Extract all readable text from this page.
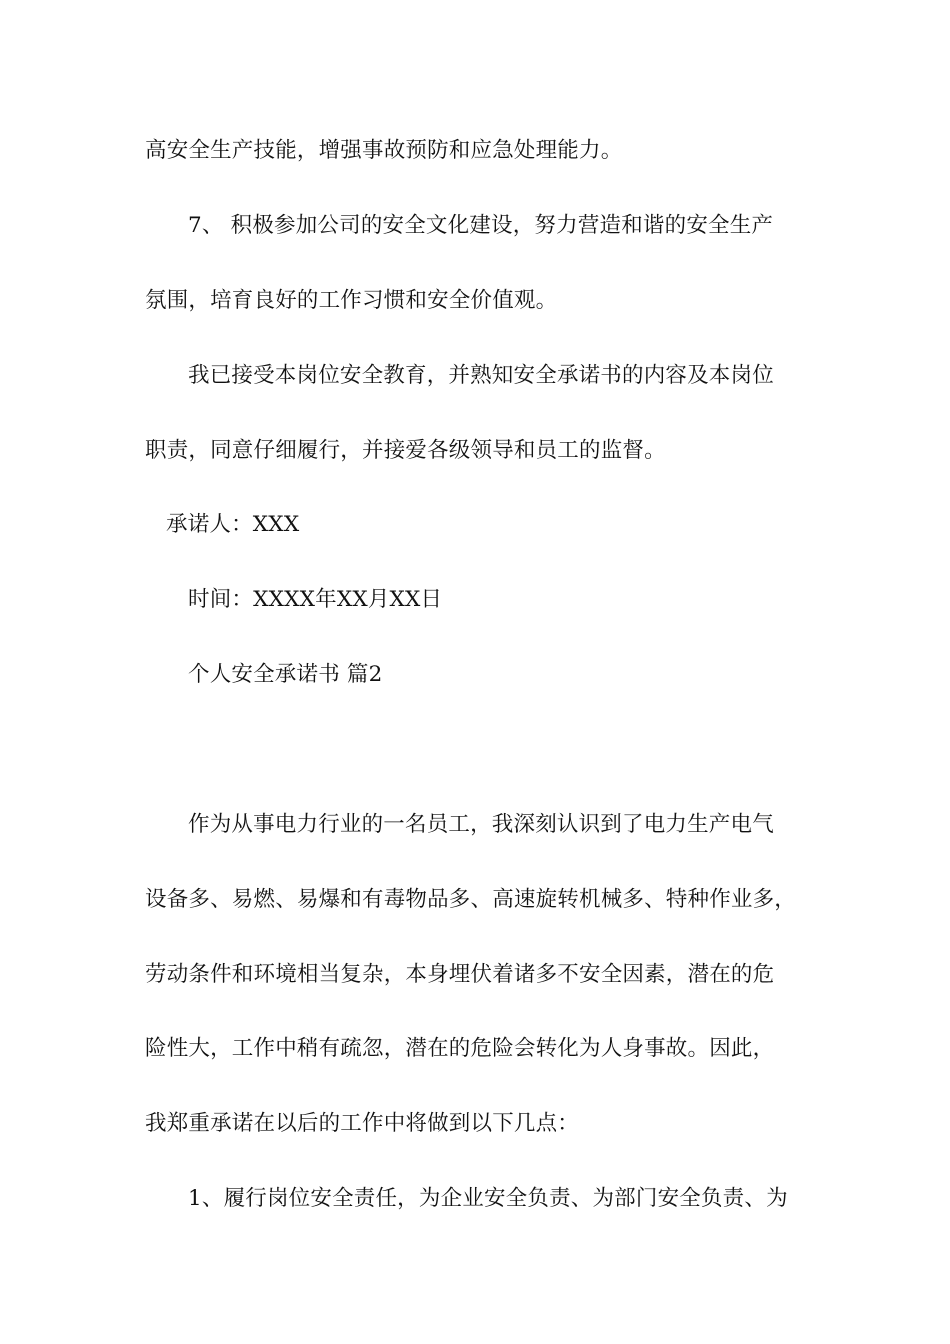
高安全生产技能，增强事故预防和应急处理能力。
7、 积极参加公司的安全文化建设，努力营造和谐的安全生产
氛围，培育良好的工作习惯和安全价值观。
我已接受本岗位安全教育，并熟知安全承诺书的内容及本岗位
职责，同意仔细履行，并接爱各级领导和员工的监督。
承诺人：XXX
时间：XXXX年XX月XX日
个人安全承诺书 篇2
作为从事电力行业的一名员工，我深刻认识到了电力生产电气
设备多、易燃、易爆和有毒物品多、高速旋转机械多、特种作业多，
劳动条件和环境相当复杂，本身埋伏着诸多不安全因素，潜在的危
险性大，工作中稍有疏忽，潜在的危险会转化为人身事故。因此，
我郑重承诺在以后的工作中将做到以下几点：
1、履行岗位安全责任，为企业安全负责、为部门安全负责、为
